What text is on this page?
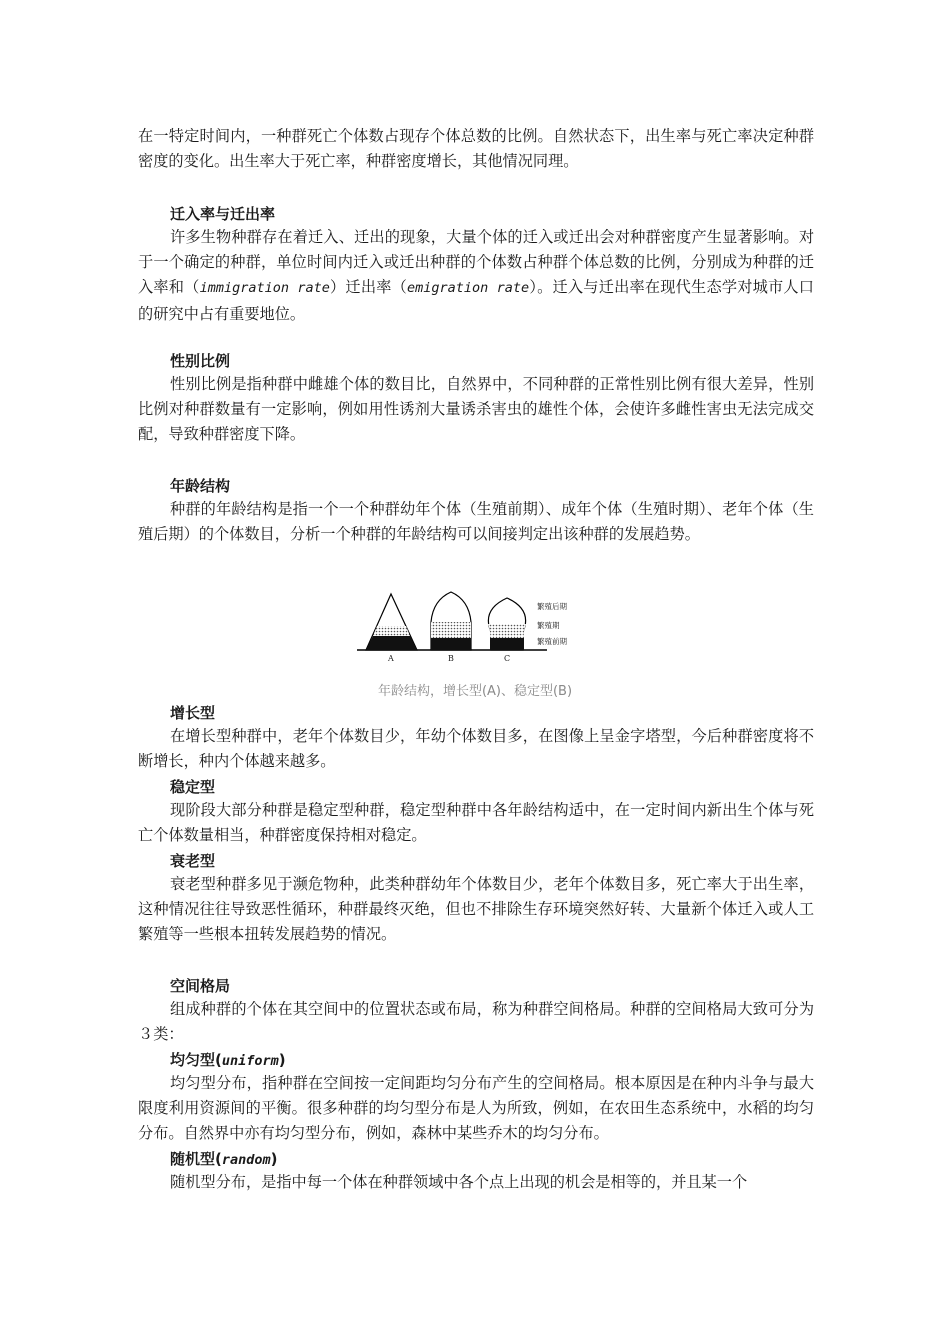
在一特定时间内，一种群死亡个体数占现存个体总数的比例。自然状态下，出生率与死亡率决定种群密度的变化。出生率大于死亡率，种群密度增长，其他情况同理。

迁入率与迁出率

许多生物种群存在着迁入、迁出的现象，大量个体的迁入或迁出会对种群密度产生显著影响。对于一个确定的种群，单位时间内迁入或迁出种群的个体数占种群个体总数的比例，分别成为种群的迁入率和（immigration rate）迁出率（emigration rate）。迁入与迁出率在现代生态学对城市人口的研究中占有重要地位。

性别比例

性别比例是指种群中雌雄个体的数目比，自然界中，不同种群的正常性别比例有很大差异，性别比例对种群数量有一定影响，例如用性诱剂大量诱杀害虫的雄性个体，会使许多雌性害虫无法完成交配，导致种群密度下降。

年龄结构

种群的年龄结构是指一个一个种群幼年个体（生殖前期）、成年个体（生殖时期）、老年个体（生殖后期）的个体数目，分析一个种群的年龄结构可以间接判定出该种群的发展趋势。

繁殖后期
繁殖期
繁殖前期
A	B	C
年龄结构，增长型(A)、稳定型(B)
增长型

在增长型种群中，老年个体数目少，年幼个体数目多，在图像上呈金字塔型，今后种群密度将不断增长，种内个体越来越多。

稳定型

现阶段大部分种群是稳定型种群，稳定型种群中各年龄结构适中，在一定时间内新出生个体与死亡个体数量相当，种群密度保持相对稳定。

衰老型

衰老型种群多见于濒危物种，此类种群幼年个体数目少，老年个体数目多，死亡率大于出生率，这种情况往往导致恶性循环，种群最终灭绝，但也不排除生存环境突然好转、大量新个体迁入或人工繁殖等一些根本扭转发展趋势的情况。

空间格局

组成种群的个体在其空间中的位置状态或布局，称为种群空间格局。种群的空间格局大致可分为３类：

均匀型(uniform)

均匀型分布，指种群在空间按一定间距均匀分布产生的空间格局。根本原因是在种内斗争与最大限度利用资源间的平衡。很多种群的均匀型分布是人为所致，例如，在农田生态系统中，水稻的均匀分布。自然界中亦有均匀型分布，例如，森林中某些乔木的均匀分布。

随机型(random)

随机型分布，是指中每一个体在种群领域中各个点上出现的机会是相等的，并且某一个
